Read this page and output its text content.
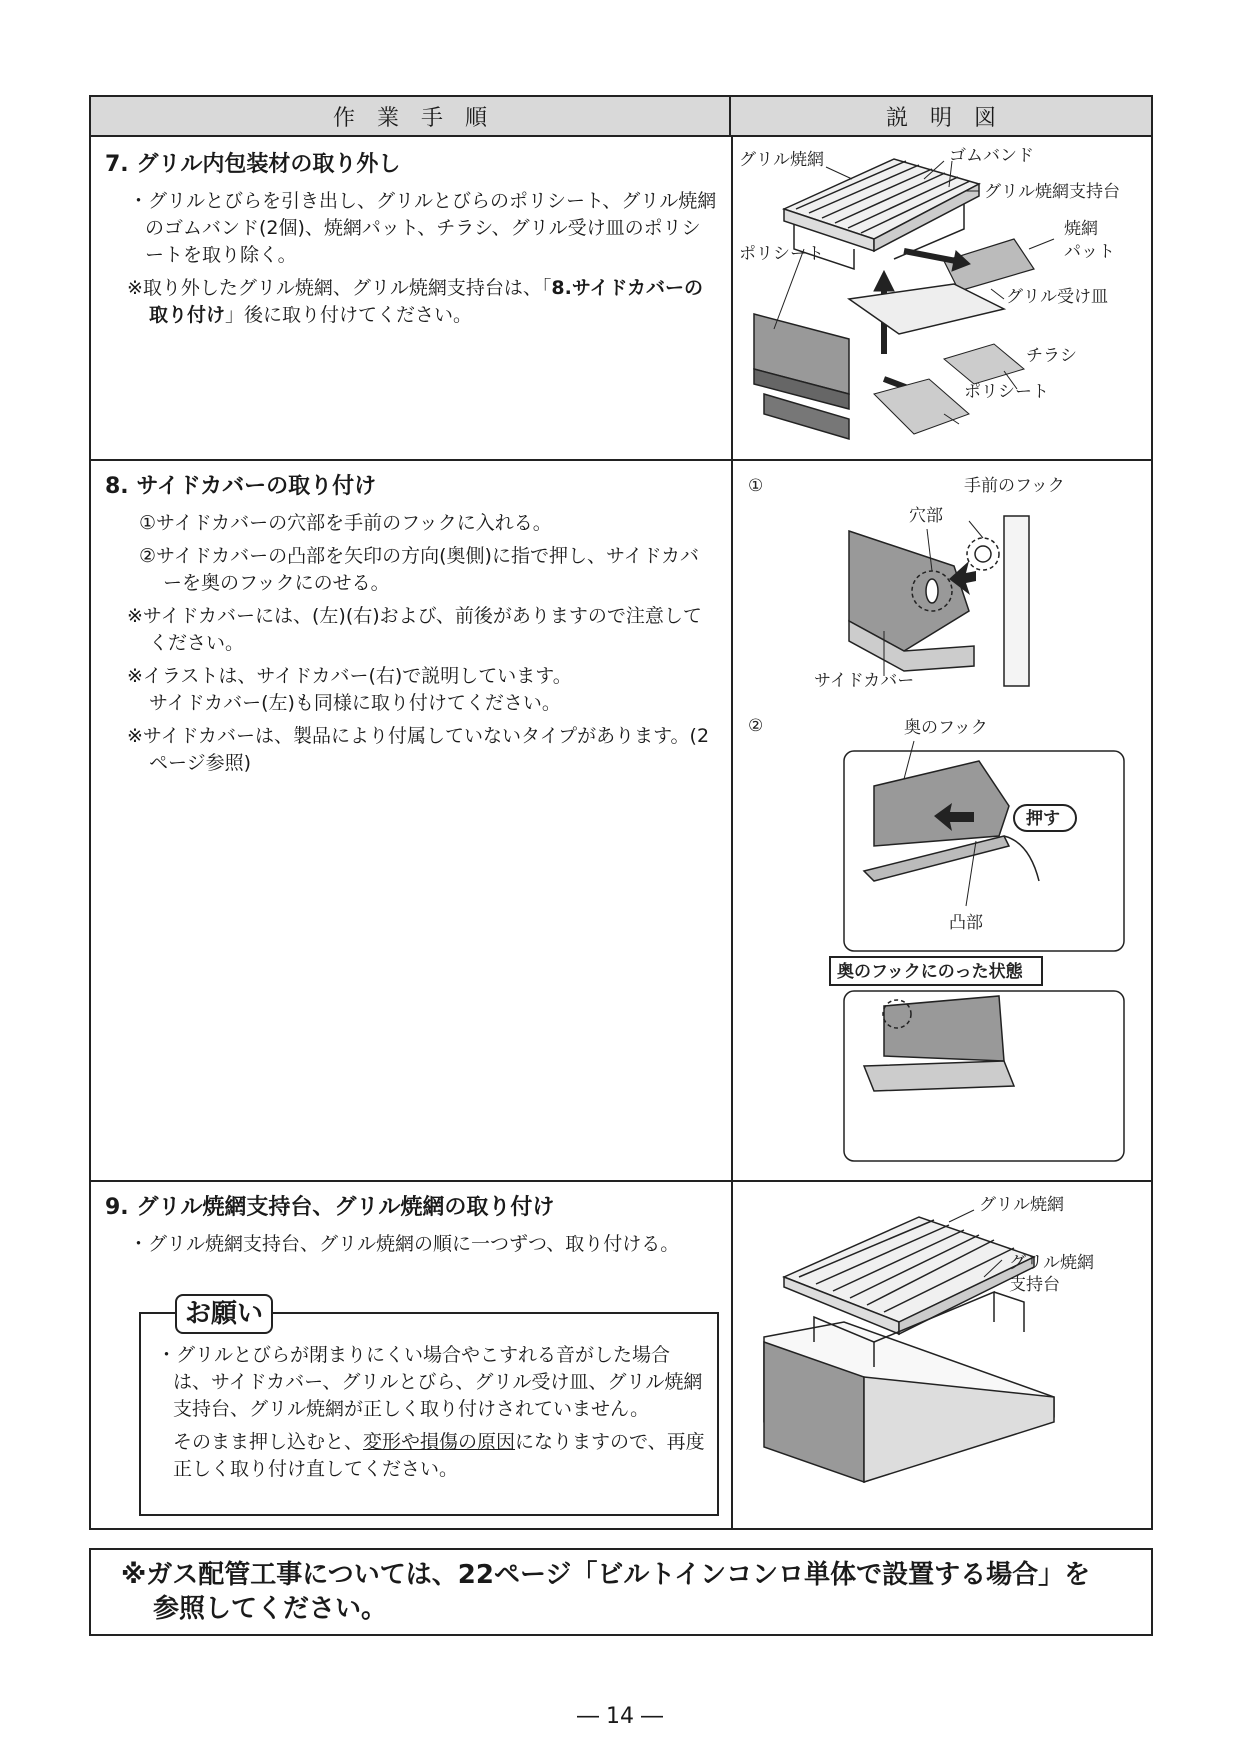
作　業　手　順	説　明　図
7. グリル内包装材の取り外し
・グリルとびらを引き出し、グリルとびらのポリシート、グリル焼網のゴムバンド(2個)、焼網パット、チラシ、グリル受け皿のポリシートを取り除く。
※取り外したグリル焼網、グリル焼網支持台は、「8.サイドカバーの取り付け」後に取り付けてください。
グリル焼網	ゴムバンド
グリル焼網支持台
焼網
パット
ポリシート
グリル受け皿
チラシ
ポリシート
8. サイドカバーの取り付け
①サイドカバーの穴部を手前のフックに入れる。
②サイドカバーの凸部を矢印の方向(奥側)に指で押し、サイドカバーを奥のフックにのせる。
※サイドカバーには、(左)(右)および、前後がありますので注意してください。
※イラストは、サイドカバー(右)で説明しています。
サイドカバー(左)も同様に取り付けてください。
※サイドカバーは、製品により付属していないタイプがあります。(2ページ参照)
①	手前のフック
穴部
サイドカバー
②	奥のフック
押す
凸部
奥のフックにのった状態
9. グリル焼網支持台、グリル焼網の取り付け
・グリル焼網支持台、グリル焼網の順に一つずつ、取り付ける。
お願い
・グリルとびらが閉まりにくい場合やこすれる音がした場合は、サイドカバー、グリルとびら、グリル受け皿、グリル焼網支持台、グリル焼網が正しく取り付けされていません。
そのまま押し込むと、変形や損傷の原因になりますので、再度正しく取り付け直してください。
グリル焼網
グリル焼網
支持台
※ガス配管工事については、22ページ「ビルトインコンロ単体で設置する場合」を
参照してください。
― 14 ―
